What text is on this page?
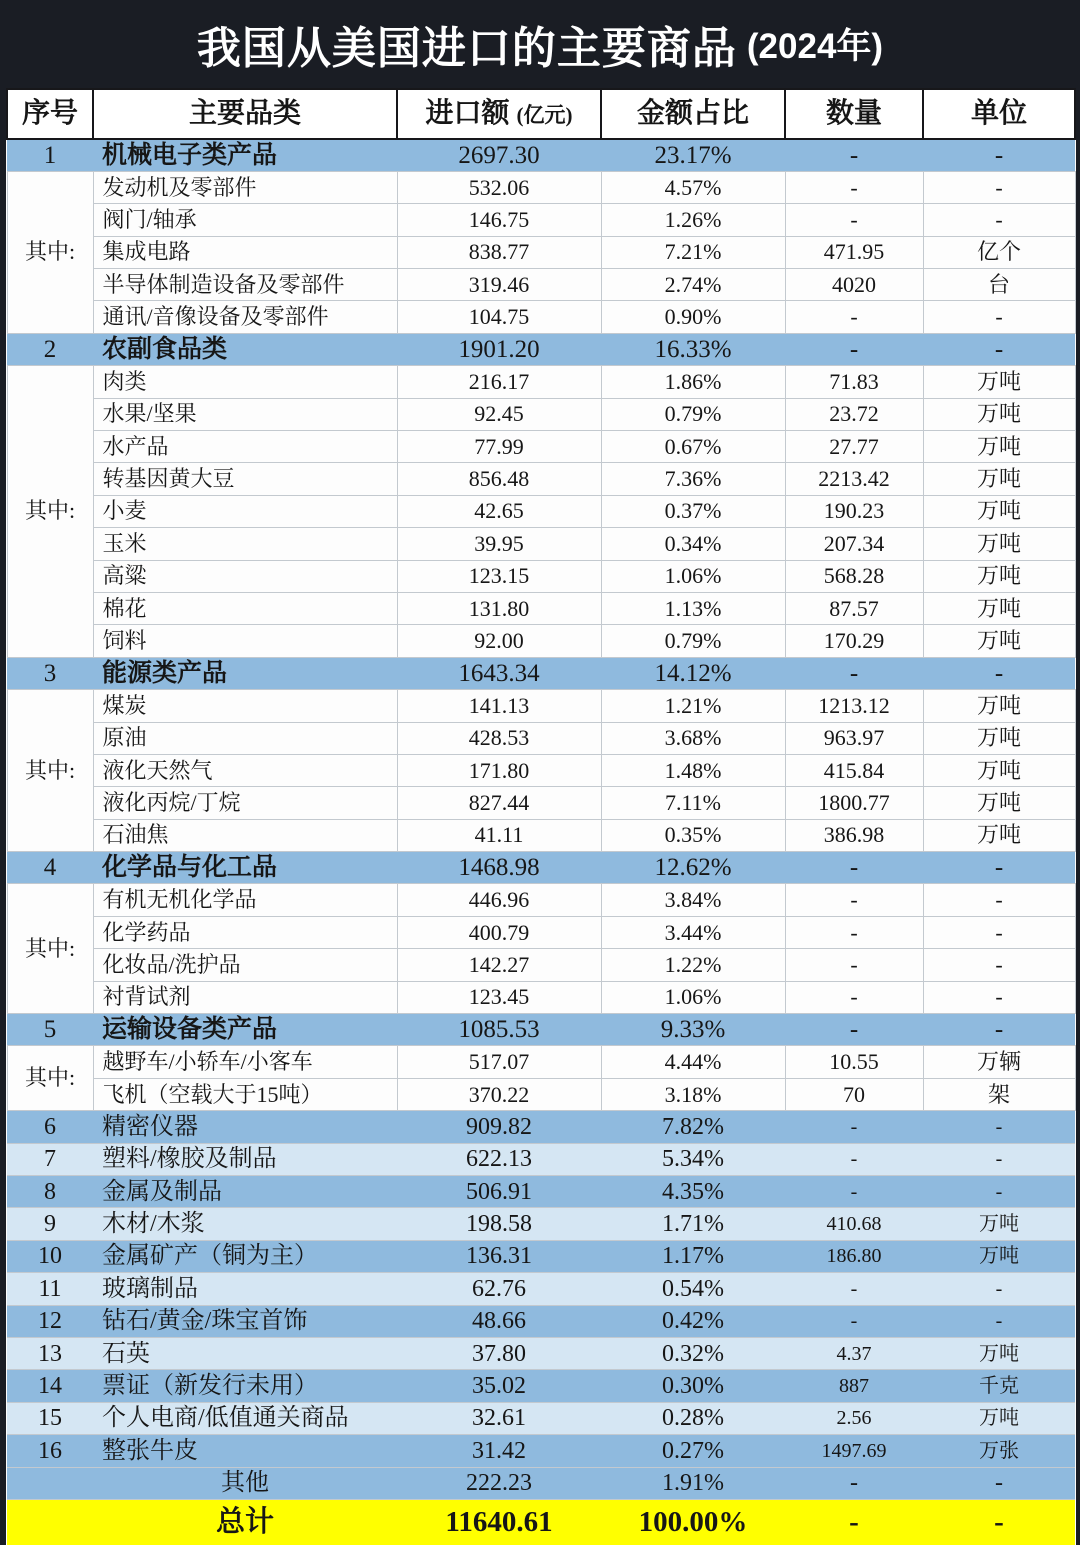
我国从美国进口的主要商品 (2024年)
序号	主要品类	进口额 (亿元)	金额占比	数量	单位
1	机械电子类产品	2697.30	23.17%	-	-
其中:	发动机及零部件	532.06	4.57%	-	-
	阀门/轴承	146.75	1.26%	-	-
	集成电路	838.77	7.21%	471.95	亿个
	半导体制造设备及零部件	319.46	2.74%	4020	台
	通讯/音像设备及零部件	104.75	0.90%	-	-
2	农副食品类	1901.20	16.33%	-	-
其中:	肉类	216.17	1.86%	71.83	万吨
	水果/坚果	92.45	0.79%	23.72	万吨
	水产品	77.99	0.67%	27.77	万吨
	转基因黄大豆	856.48	7.36%	2213.42	万吨
	小麦	42.65	0.37%	190.23	万吨
	玉米	39.95	0.34%	207.34	万吨
	高粱	123.15	1.06%	568.28	万吨
	棉花	131.80	1.13%	87.57	万吨
	饲料	92.00	0.79%	170.29	万吨
3	能源类产品	1643.34	14.12%	-	-
其中:	煤炭	141.13	1.21%	1213.12	万吨
	原油	428.53	3.68%	963.97	万吨
	液化天然气	171.80	1.48%	415.84	万吨
	液化丙烷/丁烷	827.44	7.11%	1800.77	万吨
	石油焦	41.11	0.35%	386.98	万吨
4	化学品与化工品	1468.98	12.62%	-	-
其中:	有机无机化学品	446.96	3.84%	-	-
	化学药品	400.79	3.44%	-	-
	化妆品/洗护品	142.27	1.22%	-	-
	衬背试剂	123.45	1.06%	-	-
5	运输设备类产品	1085.53	9.33%	-	-
其中:	越野车/小轿车/小客车	517.07	4.44%	10.55	万辆
	飞机（空载大于15吨）	370.22	3.18%	70	架
6	精密仪器	909.82	7.82%	-	-
7	塑料/橡胶及制品	622.13	5.34%	-	-
8	金属及制品	506.91	4.35%	-	-
9	木材/木浆	198.58	1.71%	410.68	万吨
10	金属矿产（铜为主）	136.31	1.17%	186.80	万吨
11	玻璃制品	62.76	0.54%	-	-
12	钻石/黄金/珠宝首饰	48.66	0.42%	-	-
13	石英	37.80	0.32%	4.37	万吨
14	票证（新发行未用）	35.02	0.30%	887	千克
15	个人电商/低值通关商品	32.61	0.28%	2.56	万吨
16	整张牛皮	31.42	0.27%	1497.69	万张
	其他	222.23	1.91%	-	-
	总计	11640.61	100.00%	-	-
